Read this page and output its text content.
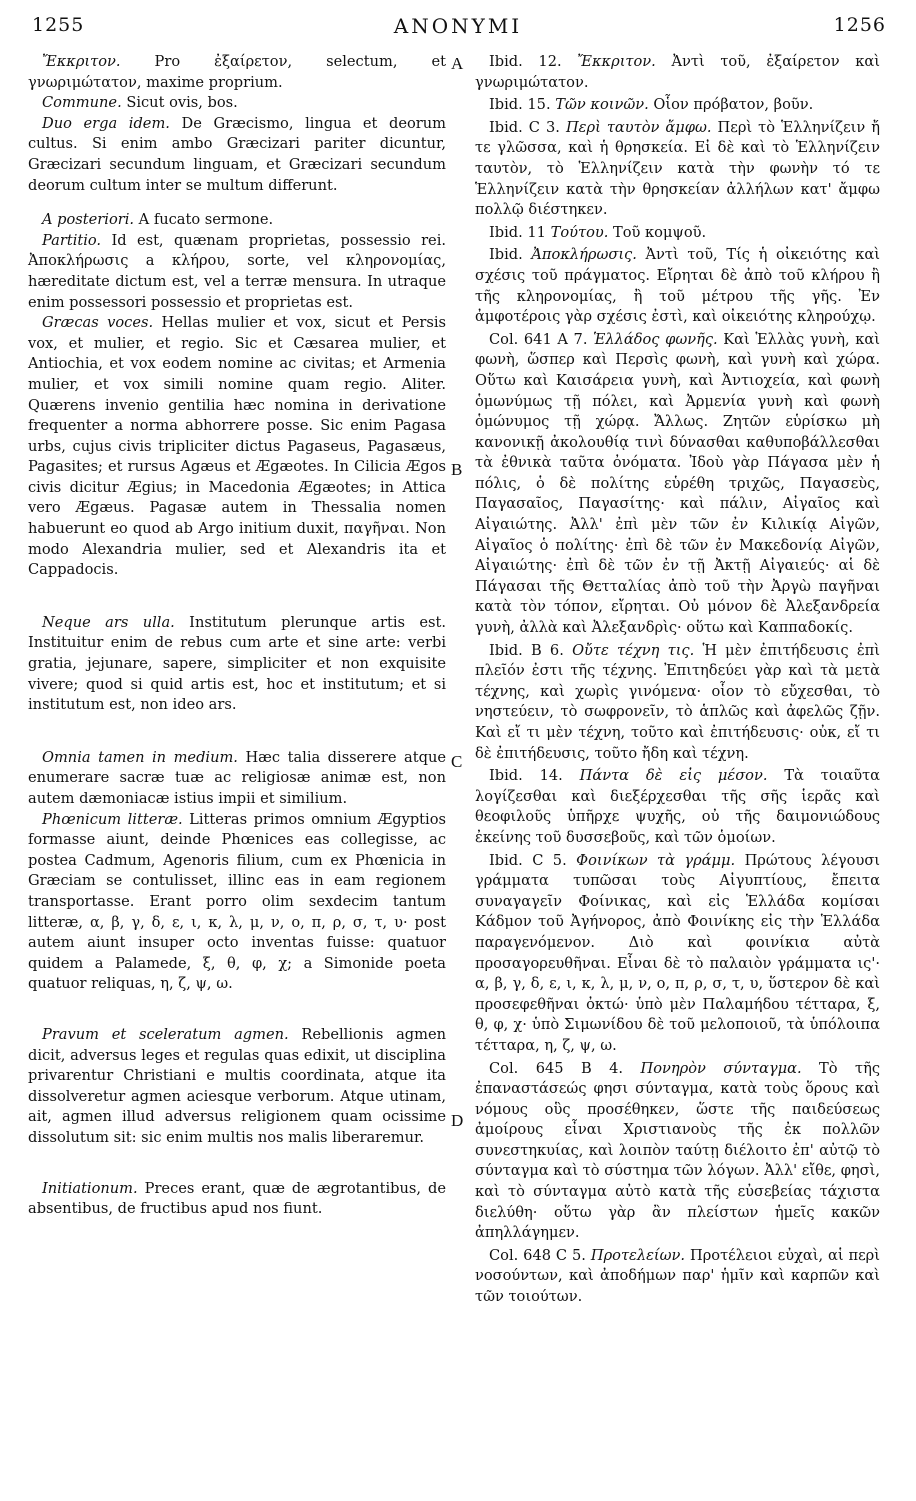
1255	ANONYMI	1256
A
B
C
D

Ἔκκριτον. Pro ἐξαίρετον, selectum, et γνωριμώτατον, maxime proprium.

Commune. Sicut ovis, bos.

Duo erga idem. De Græcismo, lingua et deorum cultus. Si enim ambo Græcizari pariter dicuntur, Græcizari secundum linguam, et Græcizari secundum deorum cultum inter se multum differunt.

A posteriori. A fucato sermone.

Partitio. Id est, quænam proprietas, possessio rei. Ἀποκλήρωσις a κλήρου, sorte, vel κληρονομίας, hæreditate dictum est, vel a terræ mensura. In utraque enim possessori possessio et proprietas est.

Græcas voces. Hellas mulier et vox, sicut et Persis vox, et mulier, et regio. Sic et Cæsarea mulier, et Antiochia, et vox eodem nomine ac civitas; et Armenia mulier, et vox simili nomine quam regio. Aliter. Quærens invenio gentilia hæc nomina in derivatione frequenter a norma abhorrere posse. Sic enim Pagasa urbs, cujus civis tripliciter dictus Pagaseus, Pagasæus, Pagasites; et rursus Agæus et Ægæotes. In Cilicia Ægos civis dicitur Ægius; in Macedonia Ægæotes; in Attica vero Ægæus. Pagasæ autem in Thessalia nomen habuerunt eo quod ab Argo initium duxit, παγῆναι. Non modo Alexandria mulier, sed et Alexandris ita et Cappadocis.

Neque ars ulla. Institutum plerunque artis est. Instituitur enim de rebus cum arte et sine arte: verbi gratia, jejunare, sapere, simpliciter et non exquisite vivere; quod si quid artis est, hoc et institutum; et si institutum est, non ideo ars.

Omnia tamen in medium. Hæc talia disserere atque enumerare sacræ tuæ ac religiosæ animæ est, non autem dæmoniacæ istius impii et similium.

Phœnicum litteræ. Litteras primos omnium Ægyptios formasse aiunt, deinde Phœnices eas collegisse, ac postea Cadmum, Agenoris filium, cum ex Phœnicia in Græciam se contulisset, illinc eas in eam regionem transportasse. Erant porro olim sexdecim tantum litteræ, α, β, γ, δ, ε, ι, κ, λ, μ, ν, ο, π, ρ, σ, τ, υ· post autem aiunt insuper octo inventas fuisse: quatuor quidem a Palamede, ξ, θ, φ, χ; a Simonide poeta quatuor reliquas, η, ζ, ψ, ω.

Pravum et sceleratum agmen. Rebellionis agmen dicit, adversus leges et regulas quas edixit, ut disciplina privarentur Christiani e multis coordinata, atque ita dissolveretur agmen aciesque verborum. Atque utinam, ait, agmen illud adversus religionem quam ocissime dissolutum sit: sic enim multis nos malis liberaremur.

Initiationum. Preces erant, quæ de ægrotantibus, de absentibus, de fructibus apud nos fiunt.

Ibid. 12. Ἔκκριτον. Ἀντὶ τοῦ, ἐξαίρετον καὶ γνωριμώτατον.

Ibid. 15. Τῶν κοινῶν. Οἷον πρόβατον, βοῦν.

Ibid. C 3. Περὶ ταυτὸν ἄμφω. Περὶ τὸ Ἑλληνίζειν ἤ τε γλῶσσα, καὶ ἡ θρησκεία. Εἰ δὲ καὶ τὸ Ἑλληνίζειν ταυτὸν, τὸ Ἑλληνίζειν κατὰ τὴν φωνὴν τό τε Ἑλληνίζειν κατὰ τὴν θρησκείαν ἀλλήλων κατ' ἄμφω πολλῷ διέστηκεν.

Ibid. 11 Τούτου. Τοῦ κομψοῦ.

Ibid. Ἀποκλήρωσις. Ἀντὶ τοῦ, Τίς ἡ οἰκειότης καὶ σχέσις τοῦ πράγματος. Εἴρηται δὲ ἀπὸ τοῦ κλήρου ἢ τῆς κληρονομίας, ἢ τοῦ μέτρου τῆς γῆς. Ἐν ἀμφοτέροις γὰρ σχέσις ἐστὶ, καὶ οἰκειότης κληρούχῳ.

Col. 641 A 7. Ἑλλάδος φωνῆς. Καὶ Ἑλλὰς γυνὴ, καὶ φωνὴ, ὥσπερ καὶ Περσὶς φωνὴ, καὶ γυνὴ καὶ χώρα. Οὕτω καὶ Καισάρεια γυνὴ, καὶ Ἀντιοχεία, καὶ φωνὴ ὁμωνύμως τῇ πόλει, καὶ Ἀρμενία γυνὴ καὶ φωνὴ ὁμώνυμος τῇ χώρᾳ. Ἄλλως. Ζητῶν εὑρίσκω μὴ κανονικῇ ἀκολουθίᾳ τινὶ δύνασθαι καθυποβάλλεσθαι τὰ ἐθνικὰ ταῦτα ὀνόματα. Ἰδοὺ γὰρ Πάγασα μὲν ἡ πόλις, ὁ δὲ πολίτης εὑρέθη τριχῶς, Παγασεὺς, Παγασαῖος, Παγασίτης· καὶ πάλιν, Αἰγαῖος καὶ Αἰγαιώτης. Ἀλλ' ἐπὶ μὲν τῶν ἐν Κιλικίᾳ Αἰγῶν, Αἰγαῖος ὁ πολίτης· ἐπὶ δὲ τῶν ἐν Μακεδονίᾳ Αἰγῶν, Αἰγαιώτης· ἐπὶ δὲ τῶν ἐν τῇ Ἀκτῇ Αἰγαιεύς· αἱ δὲ Πάγασαι τῆς Θετταλίας ἀπὸ τοῦ τὴν Ἀργὼ παγῆναι κατὰ τὸν τόπον, εἴρηται. Οὐ μόνον δὲ Ἀλεξανδρεία γυνὴ, ἀλλὰ καὶ Ἀλεξανδρὶς· οὕτω καὶ Καππαδοκίς.

Ibid. B 6. Οὔτε τέχνη τις. Ἡ μὲν ἐπιτήδευσις ἐπὶ πλεῖόν ἐστι τῆς τέχνης. Ἐπιτηδεύει γὰρ καὶ τὰ μετὰ τέχνης, καὶ χωρὶς γινόμενα· οἷον τὸ εὔχεσθαι, τὸ νηστεύειν, τὸ σωφρονεῖν, τὸ ἁπλῶς καὶ ἀφελῶς ζῇν. Καὶ εἴ τι μὲν τέχνη, τοῦτο καὶ ἐπιτήδευσις· οὐκ, εἴ τι δὲ ἐπιτήδευσις, τοῦτο ἤδη καὶ τέχνη.

Ibid. 14. Πάντα δὲ εἰς μέσον. Τὰ τοιαῦτα λογίζεσθαι καὶ διεξέρχεσθαι τῆς σῆς ἱερᾶς καὶ θεοφιλοῦς ὑπῆρχε ψυχῆς, οὐ τῆς δαιμονιώδους ἐκείνης τοῦ δυσσεβοῦς, καὶ τῶν ὁμοίων.

Ibid. C 5. Φοινίκων τὰ γράμμ. Πρώτους λέγουσι γράμματα τυπῶσαι τοὺς Αἰγυπτίους, ἔπειτα συναγαγεῖν Φοίνικας, καὶ εἰς Ἑλλάδα κομίσαι Κάδμον τοῦ Ἀγήνορος, ἀπὸ Φοινίκης εἰς τὴν Ἑλλάδα παραγενόμενον. Διὸ καὶ φοινίκια αὐτὰ προσαγορευθῆναι. Εἶναι δὲ τὸ παλαιὸν γράμματα ις'· α, β, γ, δ, ε, ι, κ, λ, μ, ν, ο, π, ρ, σ, τ, υ, ὕστερον δὲ καὶ προσεφεθῆναι ὀκτώ· ὑπὸ μὲν Παλαμήδου τέτταρα, ξ, θ, φ, χ· ὑπὸ Σιμωνίδου δὲ τοῦ μελοποιοῦ, τὰ ὑπόλοιπα τέτταρα, η, ζ, ψ, ω.

Col. 645 B 4. Πονηρὸν σύνταγμα. Τὸ τῆς ἐπαναστάσεώς φησι σύνταγμα, κατὰ τοὺς ὅρους καὶ νόμους οὓς προσέθηκεν, ὥστε τῆς παιδεύσεως ἀμοίρους εἶναι Χριστιανοὺς τῆς ἐκ πολλῶν συνεστηκυίας, καὶ λοιπὸν ταύτῃ διέλοιτο ἐπ' αὐτῷ τὸ σύνταγμα καὶ τὸ σύστημα τῶν λόγων. Ἀλλ' εἴθε, φησὶ, καὶ τὸ σύνταγμα αὐτὸ κατὰ τῆς εὐσεβείας τάχιστα διελύθη· οὕτω γὰρ ἂν πλείστων ἡμεῖς κακῶν ἀπηλλάγημεν.

Col. 648 C 5. Προτελείων. Προτέλειοι εὐχαὶ, αἱ περὶ νοσούντων, καὶ ἀποδήμων παρ' ἡμῖν καὶ καρπῶν καὶ τῶν τοιούτων.
